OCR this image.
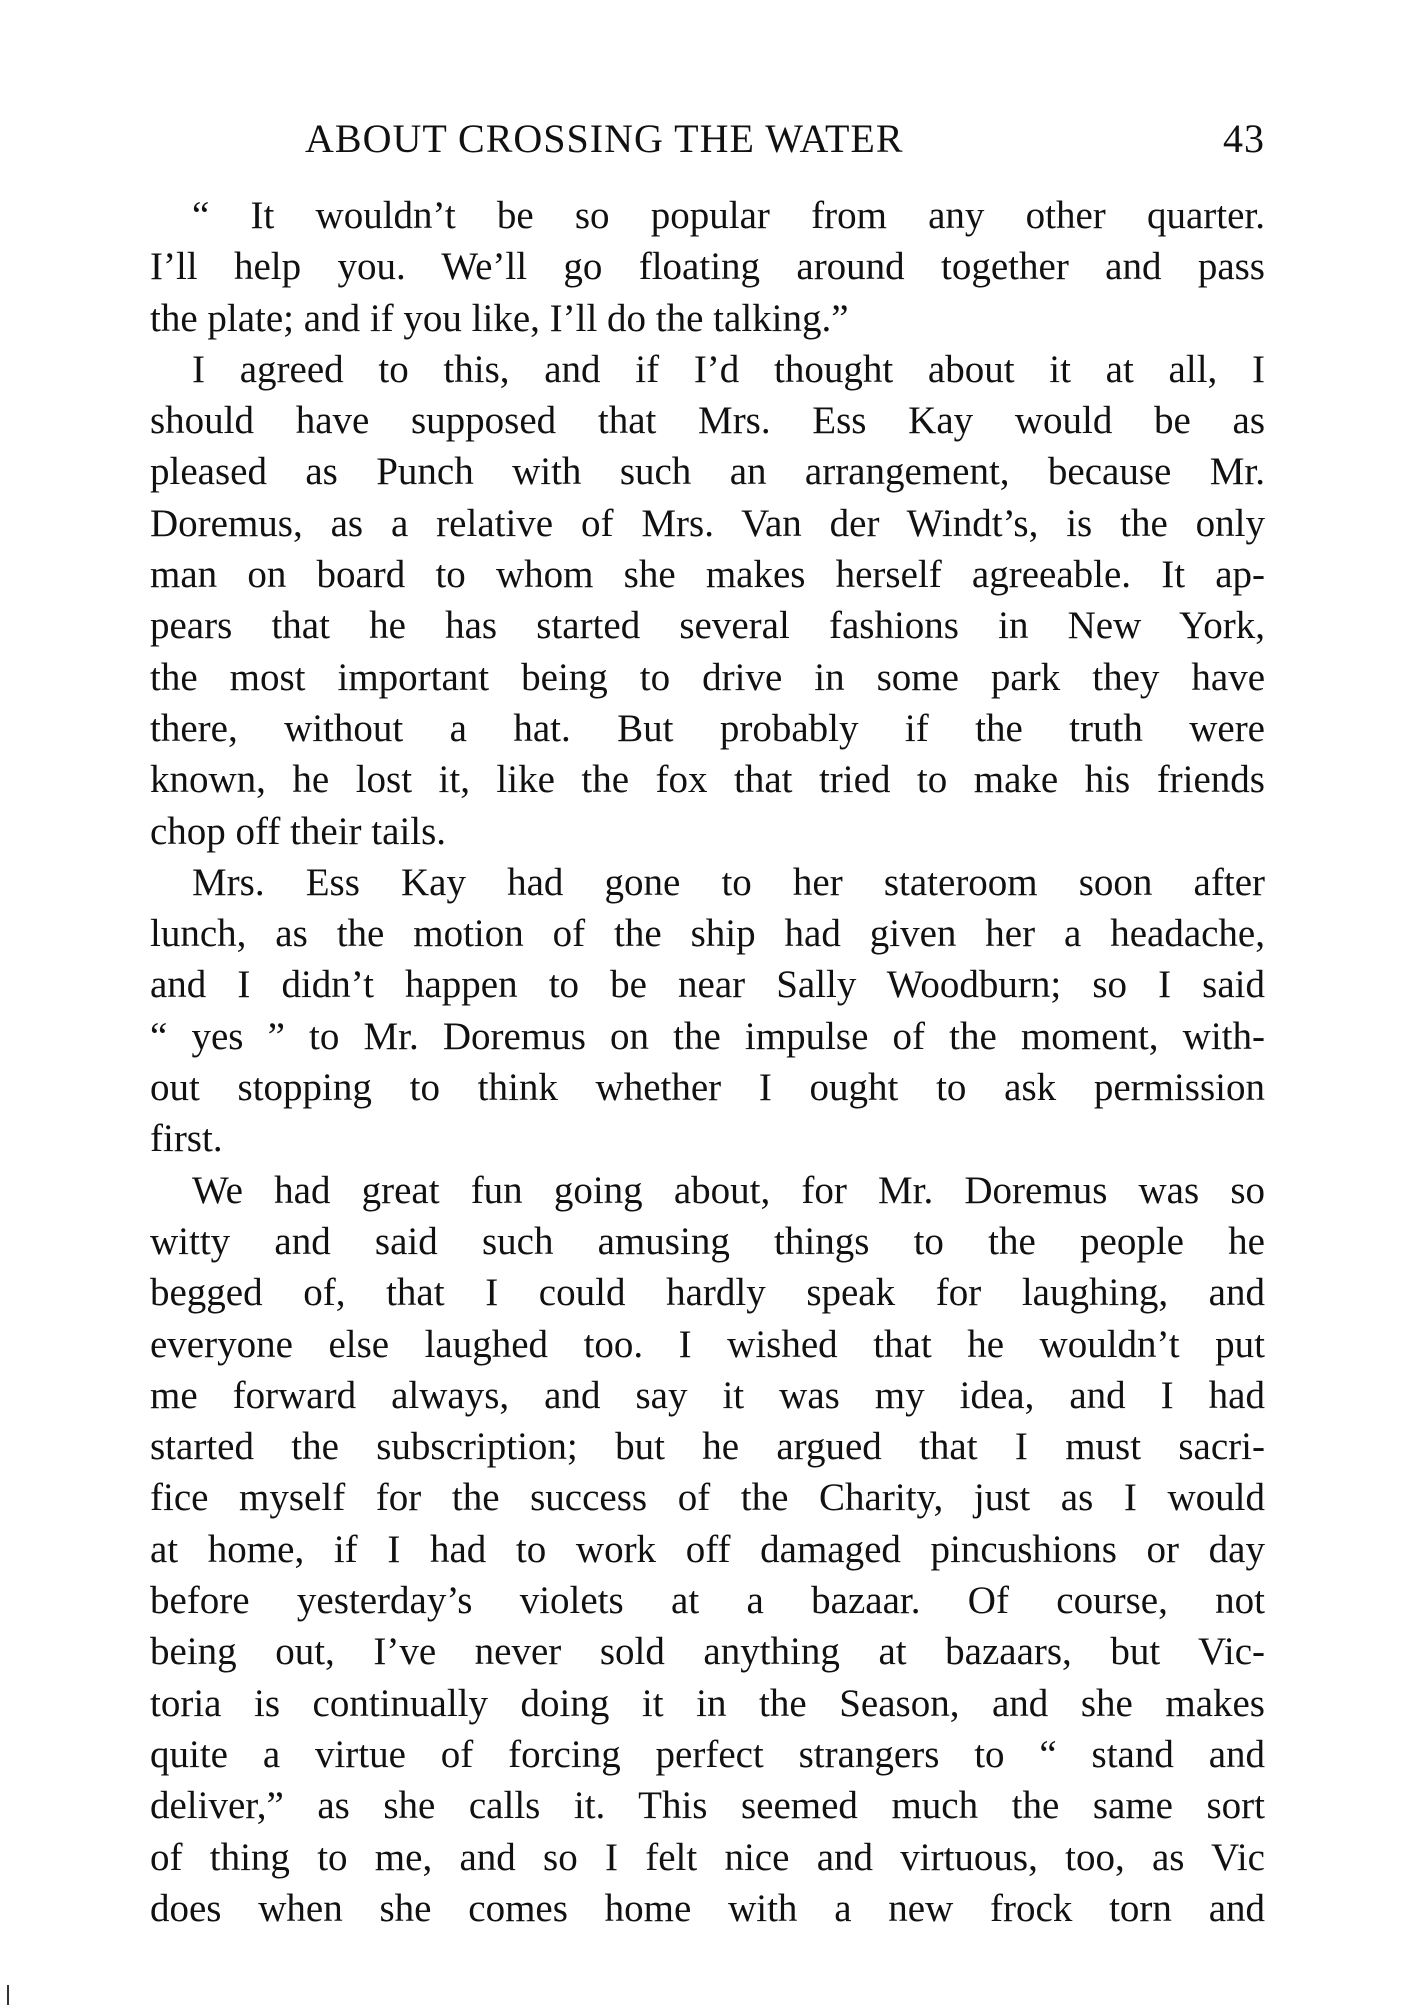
ABOUT CROSSING THE WATER	43
“ It wouldn’t be so popular from any other quarter.
I’ll help you. We’ll go floating around together and pass
the plate; and if you like, I’ll do the talking.”
I agreed to this, and if I’d thought about it at all, I
should have supposed that Mrs. Ess Kay would be as
pleased as Punch with such an arrangement, because Mr.
Doremus, as a relative of Mrs. Van der Windt’s, is the only
man on board to whom she makes herself agreeable. It ap-
pears that he has started several fashions in New York,
the most important being to drive in some park they have
there, without a hat. But probably if the truth were
known, he lost it, like the fox that tried to make his friends
chop off their tails.
Mrs. Ess Kay had gone to her stateroom soon after
lunch, as the motion of the ship had given her a headache,
and I didn’t happen to be near Sally Woodburn; so I said
“ yes ” to Mr. Doremus on the impulse of the moment, with-
out stopping to think whether I ought to ask permission
first.
We had great fun going about, for Mr. Doremus was so
witty and said such amusing things to the people he
begged of, that I could hardly speak for laughing, and
everyone else laughed too. I wished that he wouldn’t put
me forward always, and say it was my idea, and I had
started the subscription; but he argued that I must sacri-
fice myself for the success of the Charity, just as I would
at home, if I had to work off damaged pincushions or day
before yesterday’s violets at a bazaar. Of course, not
being out, I’ve never sold anything at bazaars, but Vic-
toria is continually doing it in the Season, and she makes
quite a virtue of forcing perfect strangers to “ stand and
deliver,” as she calls it. This seemed much the same sort
of thing to me, and so I felt nice and virtuous, too, as Vic
does when she comes home with a new frock torn and
